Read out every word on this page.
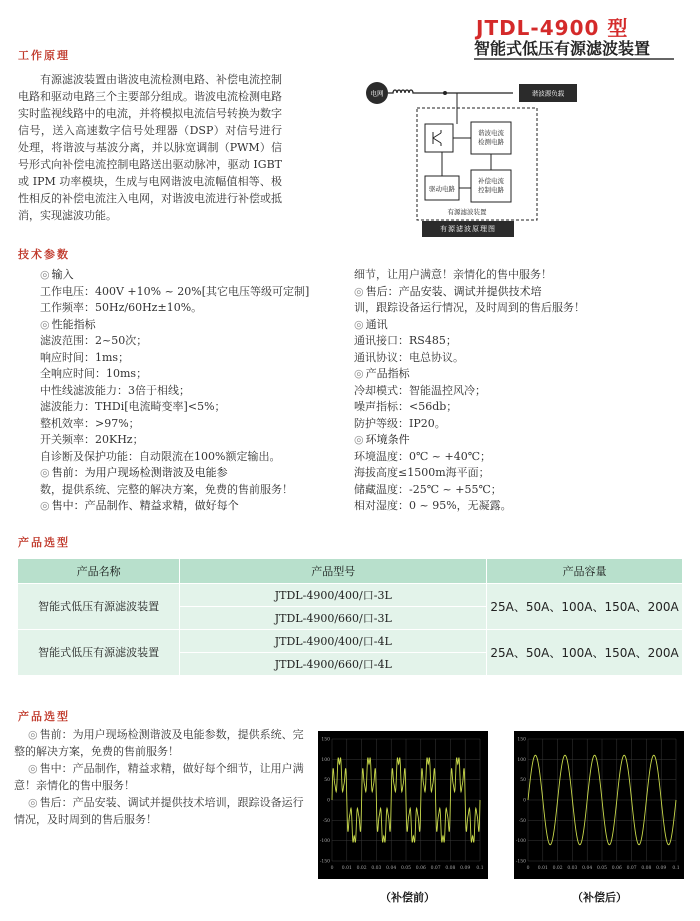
JTDL-4900 型
智能式低压有源滤波装置
工作原理
有源滤波装置由谐波电流检测电路、补偿电流控制电路和驱动电路三个主要部分组成。谐波电流检测电路实时监视线路中的电流，并将模拟电流信号转换为数字信号，送入高速数字信号处理器（DSP）对信号进行处理，将谐波与基波分离，并以脉宽调制（PWM）信号形式向补偿电流控制电路送出驱动脉冲，驱动 IGBT 或 IPM 功率模块，生成与电网谐波电流幅值相等、极性相反的补偿电流注入电网，对谐波电流进行补偿或抵消，实现滤波功能。
电网	谐波源负载
谐波电流
检测电路
驱动电路
补偿电流
控制电路
有源滤波装置
有源滤波原理图
技术参数
◎ 输入
工作电压：400V +10% ~ 20%[其它电压等级可定制]
工作频率：50Hz/60Hz±10%。
◎ 性能指标
滤波范围：2~50次；
响应时间：1ms；
全响应时间：10ms；
中性线滤波能力：3倍于相线；
滤波能力：THDi[电流畸变率]<5%；
整机效率：>97%；
开关频率：20KHz；
自诊断及保护功能：自动限流在100%额定输出。
◎ 售前：为用户现场检测谐波及电能参
数，提供系统、完整的解决方案，免费的售前服务！
◎ 售中：产品制作、精益求精，做好每个
细节，让用户满意！亲情化的售中服务！
◎ 售后：产品安装、调试并提供技术培
训，跟踪设备运行情况，及时周到的售后服务！
◎ 通讯
通讯接口：RS485；
通讯协议：电总协议。
◎ 产品指标
冷却模式：智能温控风冷；
噪声指标：<56db；
防护等级：IP20。
◎ 环境条件
环境温度：0℃ ~ +40℃；
海拔高度≤1500m海平面；
储藏温度：-25℃ ~ +55℃；
相对湿度：0 ~ 95%，无凝露。
产品选型
产品名称	产品型号	产品容量
智能式低压有源滤波装置	JTDL-4900/400/口-3L	25A、50A、100A、150A、200A
	JTDL-4900/660/口-3L	
智能式低压有源滤波装置	JTDL-4900/400/口-4L	25A、50A、100A、150A、200A
	JTDL-4900/660/口-4L	
产品选型

◎ 售前：为用户现场检测谐波及电能参数，提供系统、完整的解决方案，免费的售前服务！

◎ 售中：产品制作，精益求精，做好每个细节，让用户满意！亲情化的售中服务！

◎ 售后：产品安装、调试并提供技术培训，跟踪设备运行情况，及时周到的售后服务！

0 0.01 0.02 0.03 0.04 0.05 0.06 0.07 0.08 0.09 0.1
150
100
50
0
-50
-100
-150
0 0.01 0.02 0.03 0.04 0.05 0.06 0.07 0.08 0.09 0.1
150
100
50
0
-50
-100
-150
（补偿前）	（补偿后）
